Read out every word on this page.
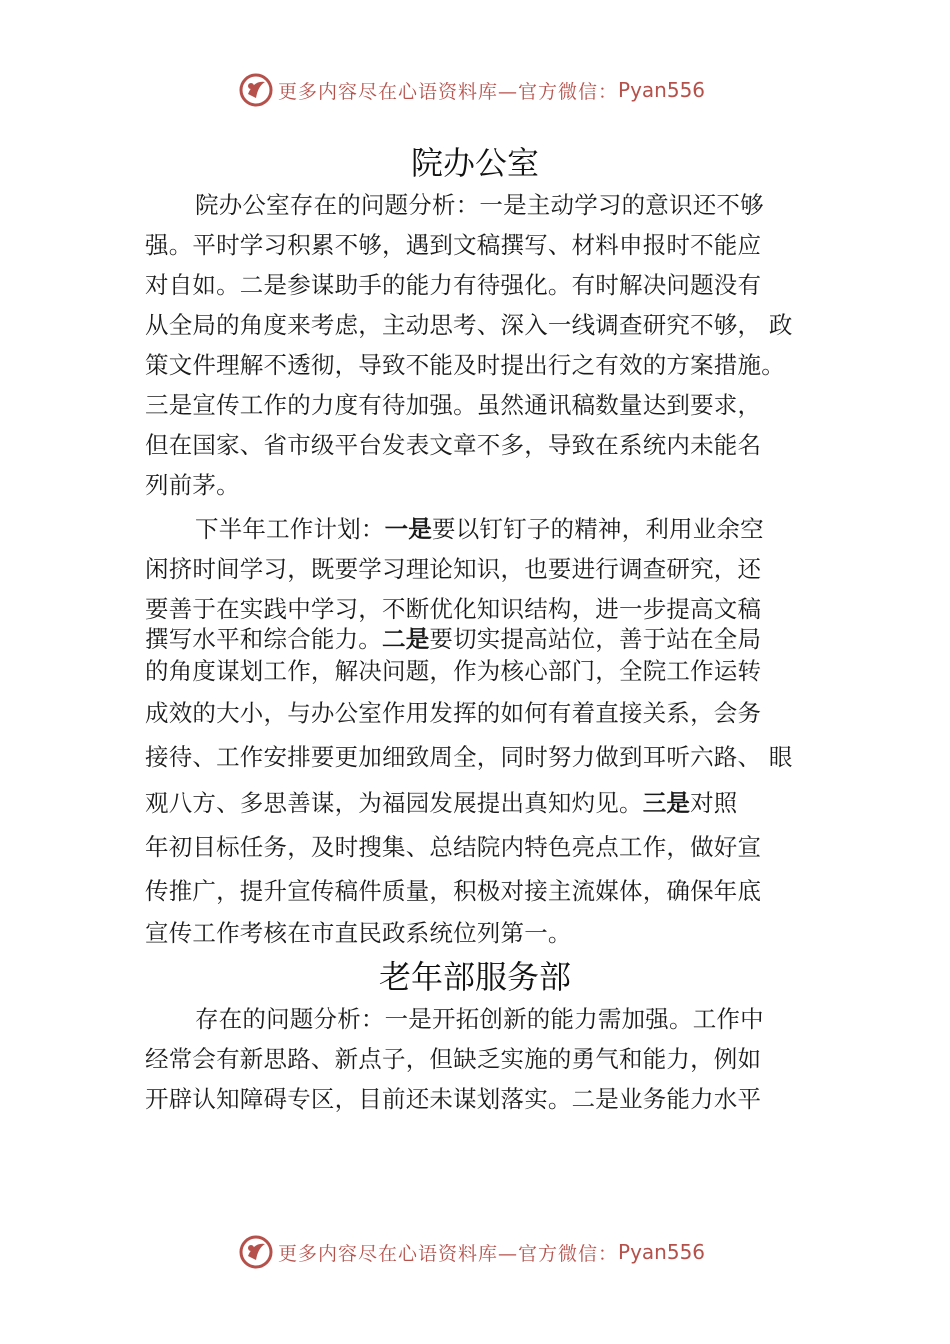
更多内容尽在心语资料库—官方微信： Pyan556
院办公室

院办公室存在的问题分析：一是主动学习的意识还不够

强。平时学习积累不够，遇到文稿撰写、材料申报时不能应

对自如。二是参谋助手的能力有待强化。有时解决问题没有

从全局的角度来考虑，主动思考、深入一线调查研究不够， 政

策文件理解不透彻，导致不能及时提出行之有效的方案措施。

三是宣传工作的力度有待加强。虽然通讯稿数量达到要求，

但在国家、省市级平台发表文章不多，导致在系统内未能名

列前茅。

下半年工作计划：一是要以钉钉子的精神，利用业余空

闲挤时间学习，既要学习理论知识，也要进行调查研究，还

要善于在实践中学习，不断优化知识结构，进一步提高文稿

撰写水平和综合能力。二是要切实提高站位，善于站在全局

的角度谋划工作，解决问题，作为核心部门，全院工作运转

成效的大小，与办公室作用发挥的如何有着直接关系，会务

接待、工作安排要更加细致周全，同时努力做到耳听六路、 眼

观八方、多思善谋，为福园发展提出真知灼见。三是对照

年初目标任务，及时搜集、总结院内特色亮点工作，做好宣

传推广，提升宣传稿件质量，积极对接主流媒体，确保年底

宣传工作考核在市直民政系统位列第一。

老年部服务部

存在的问题分析：一是开拓创新的能力需加强。工作中

经常会有新思路、新点子，但缺乏实施的勇气和能力，例如

开辟认知障碍专区，目前还未谋划落实。二是业务能力水平

更多内容尽在心语资料库—官方微信： Pyan556
